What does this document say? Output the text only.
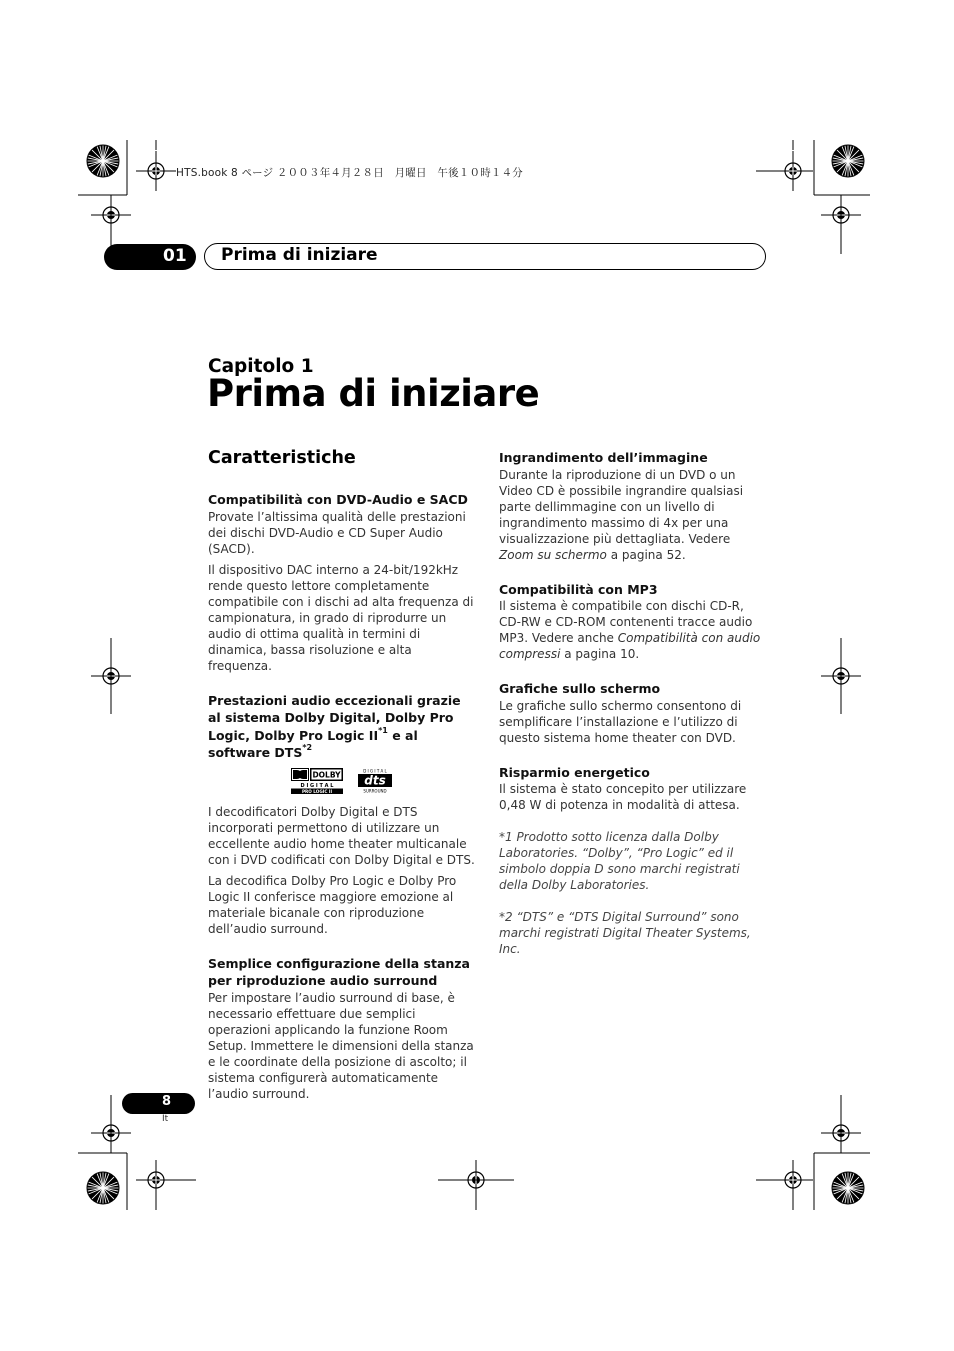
HTS.book 8 ページ ２００３年４月２８日　月曜日　午後１０時１４分
01 Prima di iniziare
Capitolo 1
Prima di iniziare
Caratteristiche
Compatibilità con DVD-Audio e SACD

Provate l’altissima qualità delle prestazioni dei dischi DVD-Audio e CD Super Audio (SACD).

Il dispositivo DAC interno a 24-bit/192kHz rende questo lettore completamente compatibile con i dischi ad alta frequenza di campionatura, in grado di riprodurre un audio di ottima qualità in termini di dinamica, bassa risoluzione e alta frequenza.

Prestazioni audio eccezionali grazie al sistema Dolby Digital, Dolby Pro Logic, Dolby Pro Logic II$^{*1}$ e al software DTS$^{*2}$
DOLBY
D I G I T A L
PRO LOGIC II
D I G I T A L
dts
SURROUND

I decodificatori Dolby Digital e DTS incorporati permettono di utilizzare un eccellente audio home theater multicanale con i DVD codificati con Dolby Digital e DTS.

La decodifica Dolby Pro Logic e Dolby Pro Logic II conferisce maggiore emozione al materiale bicanale con riproduzione dell’audio surround.

Semplice configurazione della stanza per riproduzione audio surround

Per impostare l’audio surround di base, è necessario effettuare due semplici operazioni applicando la funzione Room Setup. Immettere le dimensioni della stanza e le coordinate della posizione di ascolto; il sistema configurerà automaticamente l’audio surround.

Ingrandimento dell’immagine

Durante la riproduzione di un DVD o un Video CD è possibile ingrandire qualsiasi parte dellimmagine con un livello di ingrandimento massimo di 4x per una visualizzazione più dettagliata. Vedere Zoom su schermo a pagina 52.

Compatibilità con MP3

Il sistema è compatibile con dischi CD-R, CD-RW e CD-ROM contenenti tracce audio MP3. Vedere anche Compatibilità con audio compressi a pagina 10.

Grafiche sullo schermo

Le grafiche sullo schermo consentono di semplificare l’installazione e l’utilizzo di questo sistema home theater con DVD.

Risparmio energetico

Il sistema è stato concepito per utilizzare 0,48 W di potenza in modalità di attesa.

*1 Prodotto sotto licenza dalla Dolby Laboratories. “Dolby”, “Pro Logic” ed il simbolo doppia D sono marchi registrati della Dolby Laboratories.

*2 “DTS” e “DTS Digital Surround” sono marchi registrati Digital Theater Systems, Inc.

8
It
